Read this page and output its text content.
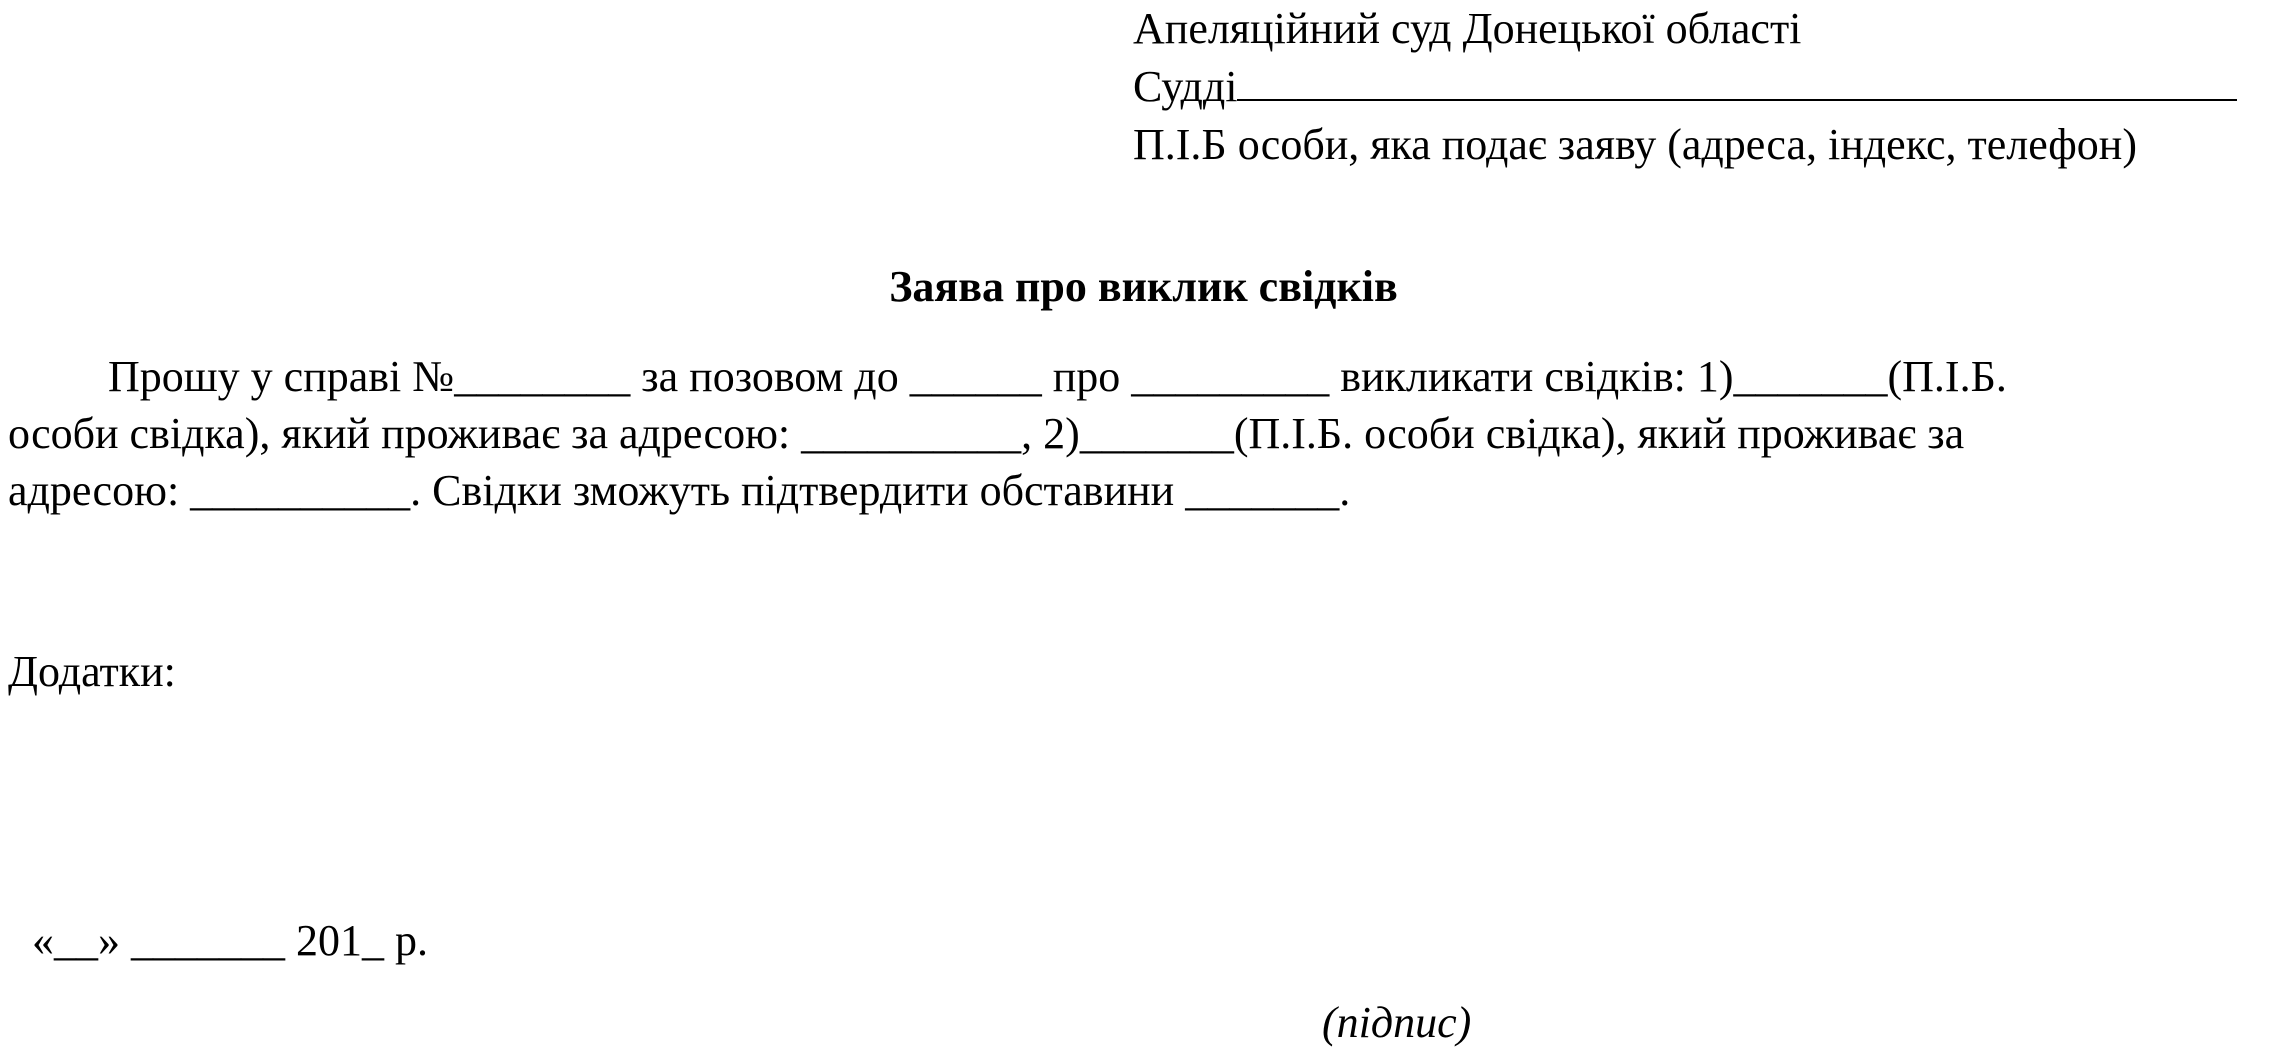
Апеляційний суд Донецької області
Судді
П.І.Б особи, яка подає заяву (адреса, індекс, телефон)
Заява про виклик свідків
Прошу у справі №________ за позовом до ______ про _________ викликати свідків: 1)_______(П.І.Б.
особи свідка), який проживає за адресою: __________, 2)_______(П.І.Б. особи свідка), який проживає за
адресою: __________. Свідки зможуть підтвердити обставини _______.
Додатки:
«__» _______ 201_ р.
(підпис)
